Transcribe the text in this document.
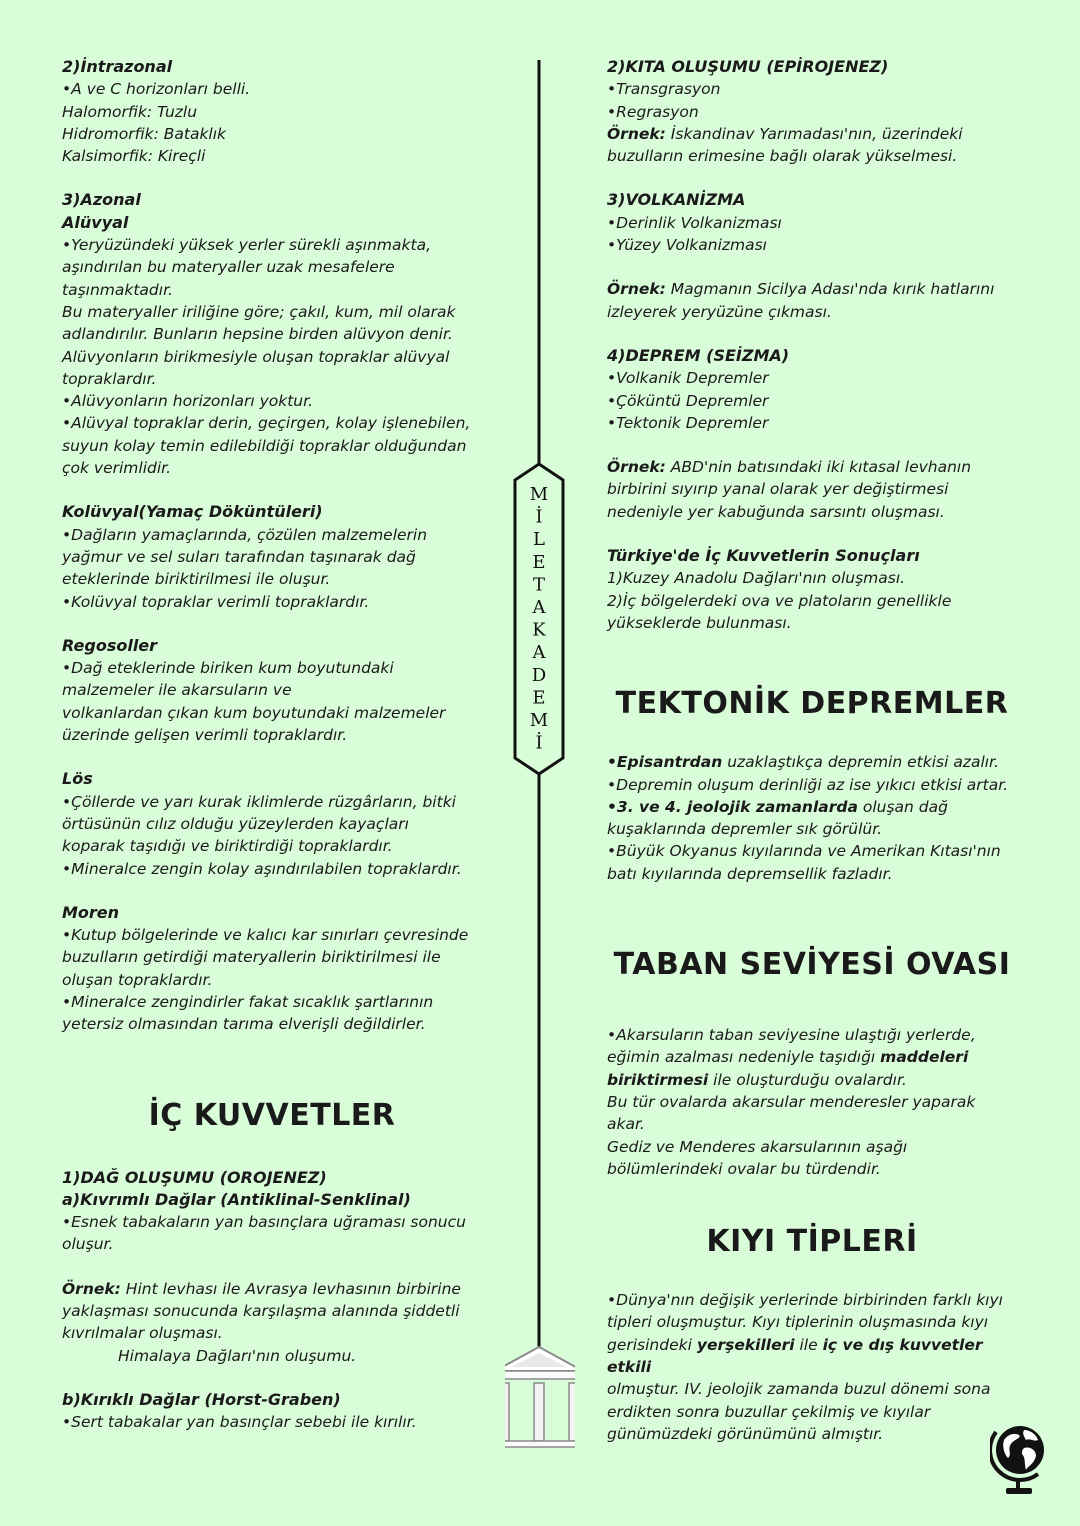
2)İntrazonal

•A ve C horizonları belli.

Halomorfik: Tuzlu

Hidromorfik: Bataklık

Kalsimorfik: Kireçli

3)Azonal

Alüvyal

•Yeryüzündeki yüksek yerler sürekli aşınmakta,

aşındırılan bu materyaller uzak mesafelere

taşınmaktadır.

Bu materyaller iriliğine göre; çakıl, kum, mil olarak

adlandırılır. Bunların hepsine birden alüvyon denir.

Alüvyonların birikmesiyle oluşan topraklar alüvyal

topraklardır.

•Alüvyonların horizonları yoktur.

•Alüvyal topraklar derin, geçirgen, kolay işlenebilen,

suyun kolay temin edilebildiği topraklar olduğundan

çok verimlidir.

Kolüvyal(Yamaç Döküntüleri)

•Dağların yamaçlarında, çözülen malzemelerin

yağmur ve sel suları tarafından taşınarak dağ

eteklerinde biriktirilmesi ile oluşur.

•Kolüvyal topraklar verimli topraklardır.

Regosoller

•Dağ eteklerinde biriken kum boyutundaki

malzemeler ile akarsuların ve

volkanlardan çıkan kum boyutundaki malzemeler

üzerinde gelişen verimli topraklardır.

Lös

•Çöllerde ve yarı kurak iklimlerde rüzgârların, bitki

örtüsünün cılız olduğu yüzeylerden kayaçları

koparak taşıdığı ve biriktirdiği topraklardır.

•Mineralce zengin kolay aşındırılabilen topraklardır.

Moren

•Kutup bölgelerinde ve kalıcı kar sınırları çevresinde

buzulların getirdiği materyallerin biriktirilmesi ile

oluşan topraklardır.

•Mineralce zengindirler fakat sıcaklık şartlarının

yetersiz olmasından tarıma elverişli değildirler.

İÇ KUVVETLER

1)DAĞ OLUŞUMU (OROJENEZ)

a)Kıvrımlı Dağlar (Antiklinal-Senklinal)

•Esnek tabakaların yan basınçlara uğraması sonucu

oluşur.

Örnek: Hint levhası ile Avrasya levhasının birbirine

yaklaşması sonucunda karşılaşma alanında şiddetli

kıvrılmalar oluşması.

Himalaya Dağları'nın oluşumu.

b)Kırıklı Dağlar (Horst-Graben)

•Sert tabakalar yan basınçlar sebebi ile kırılır.

M
İ
L
E
T
A
K
A
D
E
M
İ

2)KITA OLUŞUMU (EPİROJENEZ)

•Transgrasyon

•Regrasyon

Örnek: İskandinav Yarımadası'nın, üzerindeki

buzulların erimesine bağlı olarak yükselmesi.

3)VOLKANİZMA

•Derinlik Volkanizması

•Yüzey Volkanizması

Örnek: Magmanın Sicilya Adası'nda kırık hatlarını

izleyerek yeryüzüne çıkması.

4)DEPREM (SEİZMA)

•Volkanik Depremler

•Çöküntü Depremler

•Tektonik Depremler

Örnek: ABD'nin batısındaki iki kıtasal levhanın

birbirini sıyırıp yanal olarak yer değiştirmesi

nedeniyle yer kabuğunda sarsıntı oluşması.

Türkiye'de İç Kuvvetlerin Sonuçları

1)Kuzey Anadolu Dağları'nın oluşması.

2)İç bölgelerdeki ova ve platoların genellikle

yükseklerde bulunması.

TEKTONİK DEPREMLER

•Episantrdan uzaklaştıkça depremin etkisi azalır.

•Depremin oluşum derinliği az ise yıkıcı etkisi artar.

•3. ve 4. jeolojik zamanlarda oluşan dağ

kuşaklarında depremler sık görülür.

•Büyük Okyanus kıyılarında ve Amerikan Kıtası'nın

batı kıyılarında depremsellik fazladır.

TABAN SEVİYESİ OVASI

•Akarsuların taban seviyesine ulaştığı yerlerde,

eğimin azalması nedeniyle taşıdığı maddeleri

biriktirmesi ile oluşturduğu ovalardır.

Bu tür ovalarda akarsular menderesler yaparak

akar.

Gediz ve Menderes akarsularının aşağı

bölümlerindeki ovalar bu türdendir.

KIYI TİPLERİ

•Dünya'nın değişik yerlerinde birbirinden farklı kıyı

tipleri oluşmuştur. Kıyı tiplerinin oluşmasında kıyı

gerisindeki yerşekilleri ile iç ve dış kuvvetler etkili

olmuştur. IV. jeolojik zamanda buzul dönemi sona

erdikten sonra buzullar çekilmiş ve kıyılar

günümüzdeki görünümünü almıştır.
